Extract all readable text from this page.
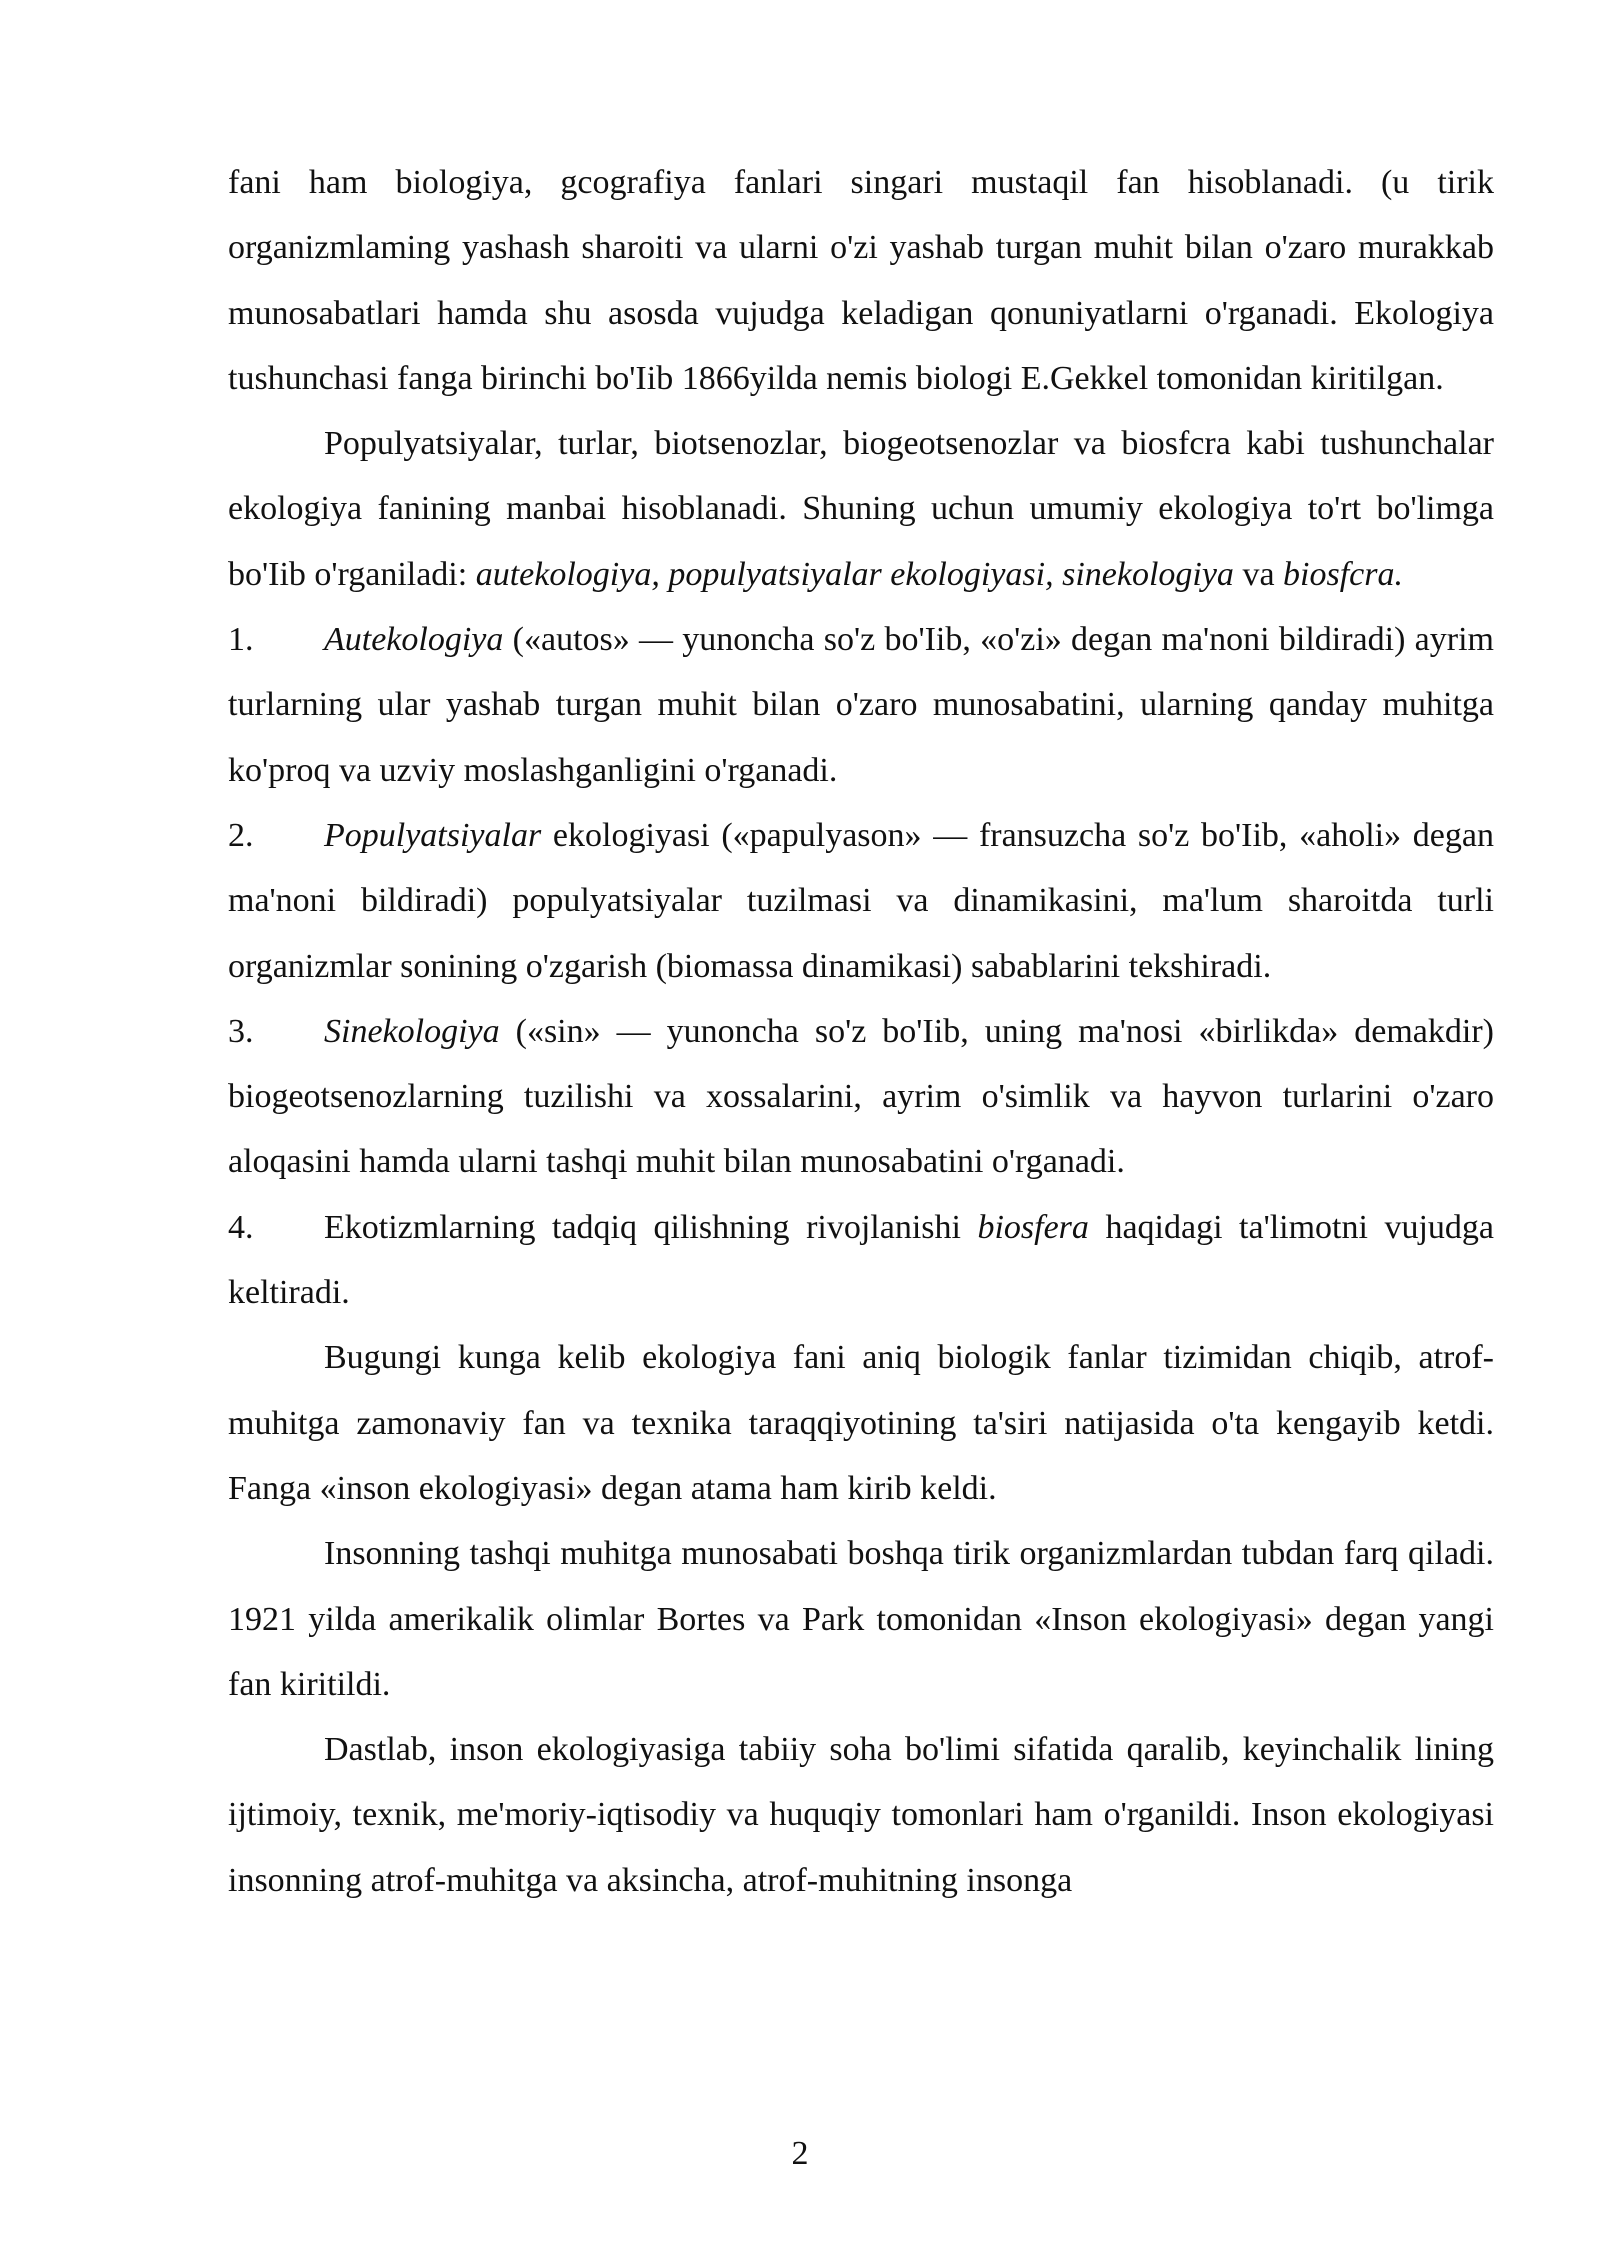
fani ham biologiya, gcografiya fanlari singari mustaqil fan hisoblanadi. (u tirik organizmlaming yashash sharoiti va ularni o'zi yashab turgan muhit bilan o'zaro murakkab munosabatlari hamda shu asosda vujudga keladigan qonuniyatlarni o'rganadi. Ekologiya tushunchasi fanga birinchi bo'Iib 1866yilda nemis biologi E.Gekkel tomonidan kiritilgan.

Populyatsiyalar, turlar, biotsenozlar, biogeotsenozlar va biosfcra kabi tushunchalar ekologiya fanining manbai hisoblanadi. Shuning uchun umumiy ekologiya to'rt bo'limga bo'Iib o'rganiladi: autekologiya, populyatsiyalar ekologiyasi, sinekologiya va biosfcra.

1. Autekologiya («autos» — yunoncha so'z bo'Iib, «o'zi» degan ma'noni bildiradi) ayrim turlarning ular yashab turgan muhit bilan o'zaro munosabatini, ularning qanday muhitga ko'proq va uzviy moslashganligini o'rganadi.

2. Populyatsiyalar ekologiyasi («papulyason» — fransuzcha so'z bo'Iib, «aholi» degan ma'noni bildiradi) populyatsiyalar tuzilmasi va dinamikasini, ma'lum sharoitda turli organizmlar sonining o'zgarish (biomassa dinamikasi) sabablarini tekshiradi.

3. Sinekologiya («sin» — yunoncha so'z bo'Iib, uning ma'nosi «birlikda» demakdir) biogeotsenozlarning tuzilishi va xossalarini, ayrim o'simlik va hayvon turlarini o'zaro aloqasini hamda ularni tashqi muhit bilan munosabatini o'rganadi.

4. Ekotizmlarning tadqiq qilishning rivojlanishi biosfera haqidagi ta'limotni vujudga keltiradi.

Bugungi kunga kelib ekologiya fani aniq biologik fanlar tizimidan chiqib, atrof-muhitga zamonaviy fan va texnika taraqqiyotining ta'siri natijasida o'ta kengayib ketdi. Fanga «inson ekologiyasi» degan atama ham kirib keldi.

Insonning tashqi muhitga munosabati boshqa tirik organizmlardan tubdan farq qiladi. 1921 yilda amerikalik olimlar Bortes va Park tomonidan «Inson ekologiyasi» degan yangi fan kiritildi.

Dastlab, inson ekologiyasiga tabiiy soha bo'limi sifatida qaralib, keyinchalik lining ijtimoiy, texnik, me'moriy-iqtisodiy va huquqiy tomonlari ham o'rganildi. Inson ekologiyasi insonning atrof-muhitga va aksincha, atrof-muhitning insonga

2
